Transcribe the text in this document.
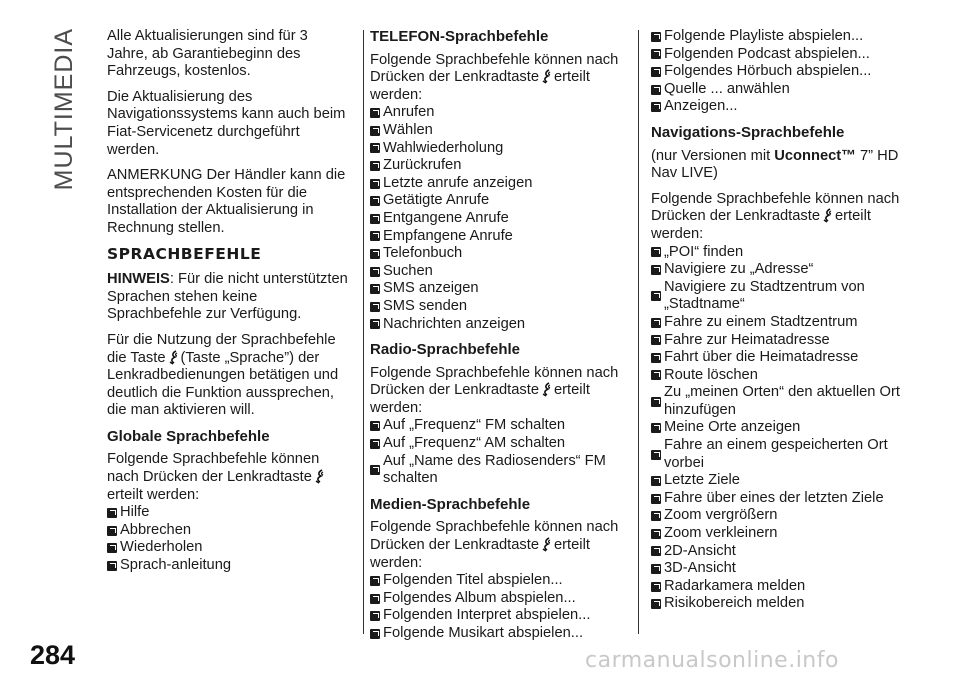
MULTIMEDIA Alle Aktualisierungen sind für 3 Jahre, ab Garantiebeginn des Fahrzeugs, kostenlos.

Die Aktualisierung des Navigationssystems kann auch beim Fiat-Servicenetz durchgeführt werden.

ANMERKUNG Der Händler kann die entsprechenden Kosten für die Installation der Aktualisierung in Rechnung stellen.

SPRACHBEFEHLE

HINWEIS: Für die nicht unterstützten Sprachen stehen keine Sprachbefehle zur Verfügung.

Für die Nutzung der Sprachbefehle die Taste (Taste „Sprache”) der Lenkradbedienungen betätigen und deutlich die Funktion aussprechen, die man aktivieren will.

Globale Sprachbefehle

Folgende Sprachbefehle können nach Drücken der Lenkradtasteerteilt werden:

Hilfe
Abbrechen
Wiederholen
Sprach-anleitung
TELEFON-Sprachbefehle

Folgende Sprachbefehle können nach Drücken der Lenkradtaste erteilt werden:

Anrufen
Wählen
Wahlwiederholung
Zurückrufen
Letzte anrufe anzeigen
Getätigte Anrufe
Entgangene Anrufe
Empfangene Anrufe
Telefonbuch
Suchen
SMS anzeigen
SMS senden
Nachrichten anzeigen
Radio-Sprachbefehle

Folgende Sprachbefehle können nach Drücken der Lenkradtaste erteilt werden:

Auf „Frequenz“ FM schalten
Auf „Frequenz“ AM schalten
Auf „Name des Radiosenders“ FM schalten
Medien-Sprachbefehle

Folgende Sprachbefehle können nach Drücken der Lenkradtaste erteilt werden:

Folgenden Titel abspielen...
Folgendes Album abspielen...
Folgenden Interpret abspielen...
Folgende Musikart abspielen...
Folgende Playliste abspielen...
Folgenden Podcast abspielen...
Folgendes Hörbuch abspielen...
Quelle ... anwählen
Anzeigen...
Navigations-Sprachbefehle

(nur Versionen mit Uconnect™ 7” HD Nav LIVE)

Folgende Sprachbefehle können nach Drücken der Lenkradtaste erteilt werden:

„POI“ finden
Navigiere zu „Adresse“
Navigiere zu Stadtzentrum von „Stadtname“
Fahre zu einem Stadtzentrum
Fahre zur Heimatadresse
Fahrt über die Heimatadresse
Route löschen
Zu „meinen Orten“ den aktuellen Ort hinzufügen
Meine Orte anzeigen
Fahre an einem gespeicherten Ort vorbei
Letzte Ziele
Fahre über eines der letzten Ziele
Zoom vergrößern
Zoom verkleinern
2D-Ansicht
3D-Ansicht
Radarkamera melden
Risikobereich melden
284	carmanualsonline.info
